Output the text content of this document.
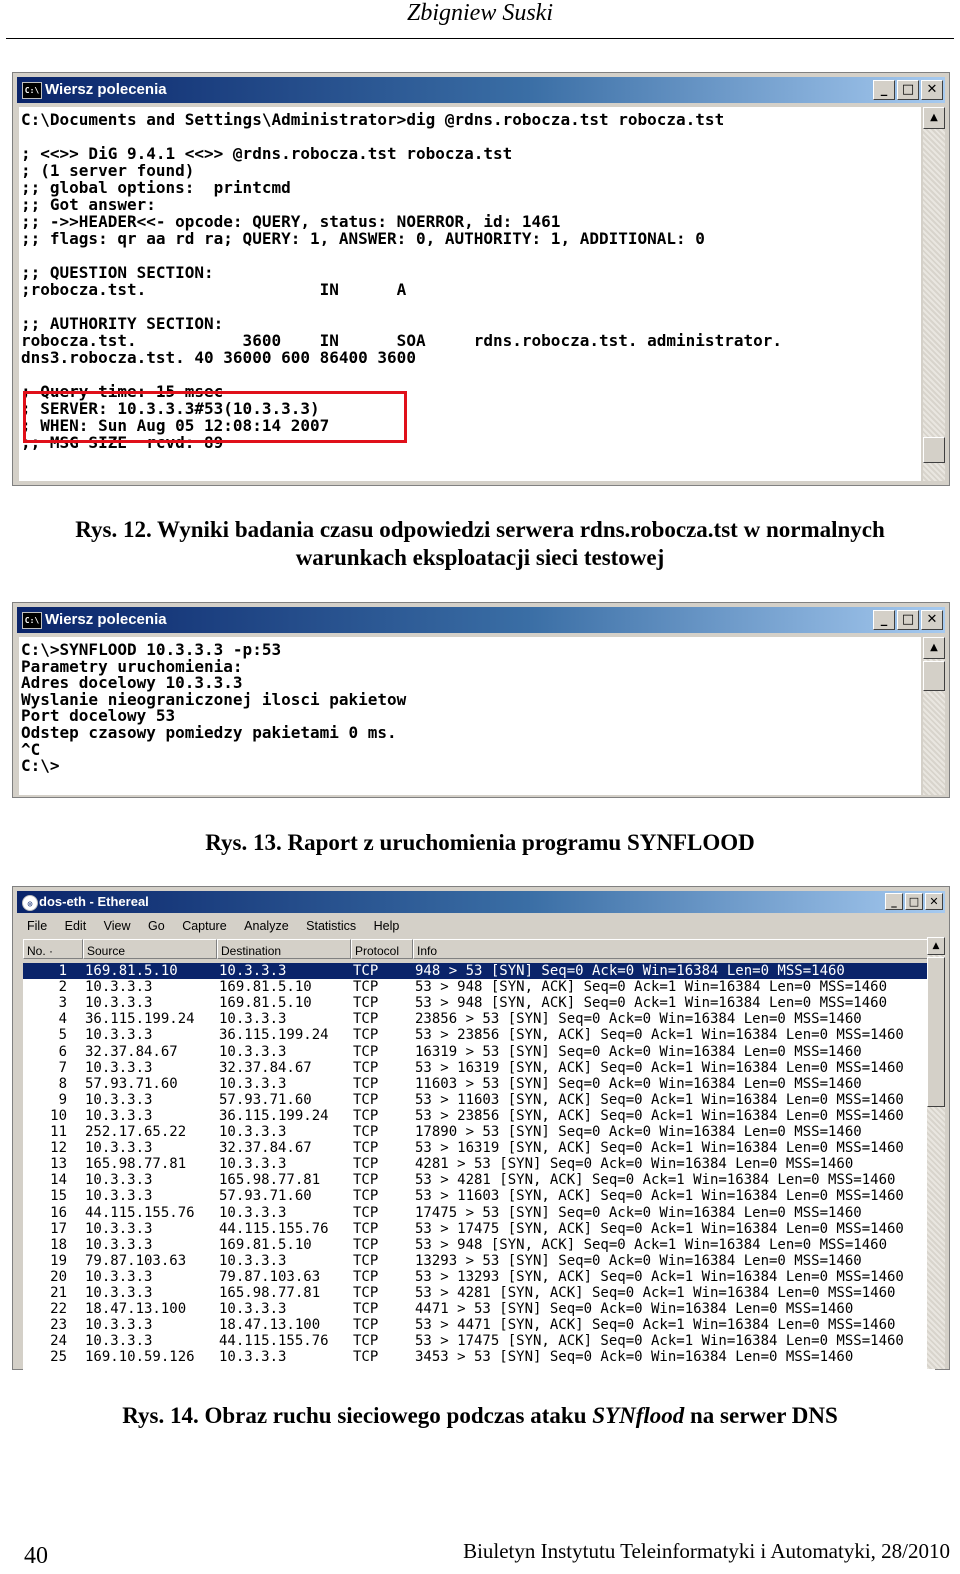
Zbigniew Suski
C:\ Wiersz polecenia	_	□ ✕
C:\Documents and Settings\Administrator>dig @rdns.robocza.tst robocza.tst
; <<>> DiG 9.4.1 <<>> @rdns.robocza.tst robocza.tst
; (1 server found)
;; global options:  printcmd
;; Got answer:
;; ->>HEADER<<- opcode: QUERY, status: NOERROR, id: 1461
;; flags: qr aa rd ra; QUERY: 1, ANSWER: 0, AUTHORITY: 1, ADDITIONAL: 0
;; QUESTION SECTION:
;robocza.tst.                  IN      A
;; AUTHORITY SECTION:
robocza.tst.           3600    IN      SOA     rdns.robocza.tst. administrator.
dns3.robocza.tst. 40 36000 600 86400 3600
; Query time: 15 msec
; SERVER: 10.3.3.3#53(10.3.3.3)
; WHEN: Sun Aug 05 12:08:14 2007
;; MSG SIZE  rcvd: 89
▲
Rys. 12. Wyniki badania czasu odpowiedzi serwera rdns.robocza.tst w normalnych warunkach eksploatacji sieci testowej
C:\ Wiersz polecenia	_	□ ✕
C:\>SYNFLOOD 10.3.3.3 -p:53
Parametry uruchomienia:
Adres docelowy 10.3.3.3
Wyslanie nieograniczonej ilosci pakietow
Port docelowy 53
Odstep czasowy pomiedzy pakietami 0 ms.
^C
C:\>
▲
Rys. 13. Raport z uruchomienia programu SYNFLOOD
◎ dos-eth - Ethereal	_	□ ✕
File Edit View Go Capture Analyze Statistics Help
No. ·	Source	Destination	Protocol	Info
1 169.81.5.10	10.3.3.3	TCP	948 > 53 [SYN] Seq=0 Ack=0 Win=16384 Len=0 MSS=1460
2 10.3.3.3	169.81.5.10	TCP	53 > 948 [SYN, ACK] Seq=0 Ack=1 Win=16384 Len=0 MSS=1460
3 10.3.3.3	169.81.5.10	TCP	53 > 948 [SYN, ACK] Seq=0 Ack=1 Win=16384 Len=0 MSS=1460
4 36.115.199.24 10.3.3.3	TCP	23856 > 53 [SYN] Seq=0 Ack=0 Win=16384 Len=0 MSS=1460
5 10.3.3.3	36.115.199.24 TCP	53 > 23856 [SYN, ACK] Seq=0 Ack=1 Win=16384 Len=0 MSS=1460
6 32.37.84.67	10.3.3.3	TCP	16319 > 53 [SYN] Seq=0 Ack=0 Win=16384 Len=0 MSS=1460
7 10.3.3.3	32.37.84.67	TCP	53 > 16319 [SYN, ACK] Seq=0 Ack=1 Win=16384 Len=0 MSS=1460
8 57.93.71.60	10.3.3.3	TCP	11603 > 53 [SYN] Seq=0 Ack=0 Win=16384 Len=0 MSS=1460
9 10.3.3.3	57.93.71.60	TCP	53 > 11603 [SYN, ACK] Seq=0 Ack=1 Win=16384 Len=0 MSS=1460
10 10.3.3.3	36.115.199.24 TCP	53 > 23856 [SYN, ACK] Seq=0 Ack=1 Win=16384 Len=0 MSS=1460
11 252.17.65.22 10.3.3.3	TCP	17890 > 53 [SYN] Seq=0 Ack=0 Win=16384 Len=0 MSS=1460
12 10.3.3.3	32.37.84.67	TCP	53 > 16319 [SYN, ACK] Seq=0 Ack=1 Win=16384 Len=0 MSS=1460
13 165.98.77.81 10.3.3.3	TCP	4281 > 53 [SYN] Seq=0 Ack=0 Win=16384 Len=0 MSS=1460
14 10.3.3.3	165.98.77.81 TCP	53 > 4281 [SYN, ACK] Seq=0 Ack=1 Win=16384 Len=0 MSS=1460
15 10.3.3.3	57.93.71.60	TCP	53 > 11603 [SYN, ACK] Seq=0 Ack=1 Win=16384 Len=0 MSS=1460
16 44.115.155.76 10.3.3.3	TCP	17475 > 53 [SYN] Seq=0 Ack=0 Win=16384 Len=0 MSS=1460
17 10.3.3.3	44.115.155.76 TCP	53 > 17475 [SYN, ACK] Seq=0 Ack=1 Win=16384 Len=0 MSS=1460
18 10.3.3.3	169.81.5.10	TCP	53 > 948 [SYN, ACK] Seq=0 Ack=1 Win=16384 Len=0 MSS=1460
19 79.87.103.63 10.3.3.3	TCP	13293 > 53 [SYN] Seq=0 Ack=0 Win=16384 Len=0 MSS=1460
20 10.3.3.3	79.87.103.63 TCP	53 > 13293 [SYN, ACK] Seq=0 Ack=1 Win=16384 Len=0 MSS=1460
21 10.3.3.3	165.98.77.81 TCP	53 > 4281 [SYN, ACK] Seq=0 Ack=1 Win=16384 Len=0 MSS=1460
22 18.47.13.100 10.3.3.3	TCP	4471 > 53 [SYN] Seq=0 Ack=0 Win=16384 Len=0 MSS=1460
23 10.3.3.3	18.47.13.100 TCP	53 > 4471 [SYN, ACK] Seq=0 Ack=1 Win=16384 Len=0 MSS=1460
24 10.3.3.3	44.115.155.76 TCP	53 > 17475 [SYN, ACK] Seq=0 Ack=1 Win=16384 Len=0 MSS=1460
25 169.10.59.126 10.3.3.3	TCP	3453 > 53 [SYN] Seq=0 Ack=0 Win=16384 Len=0 MSS=1460
▲
Rys. 14. Obraz ruchu sieciowego podczas ataku SYNflood na serwer DNS
40	Biuletyn Instytutu Teleinformatyki i Automatyki, 28/2010
